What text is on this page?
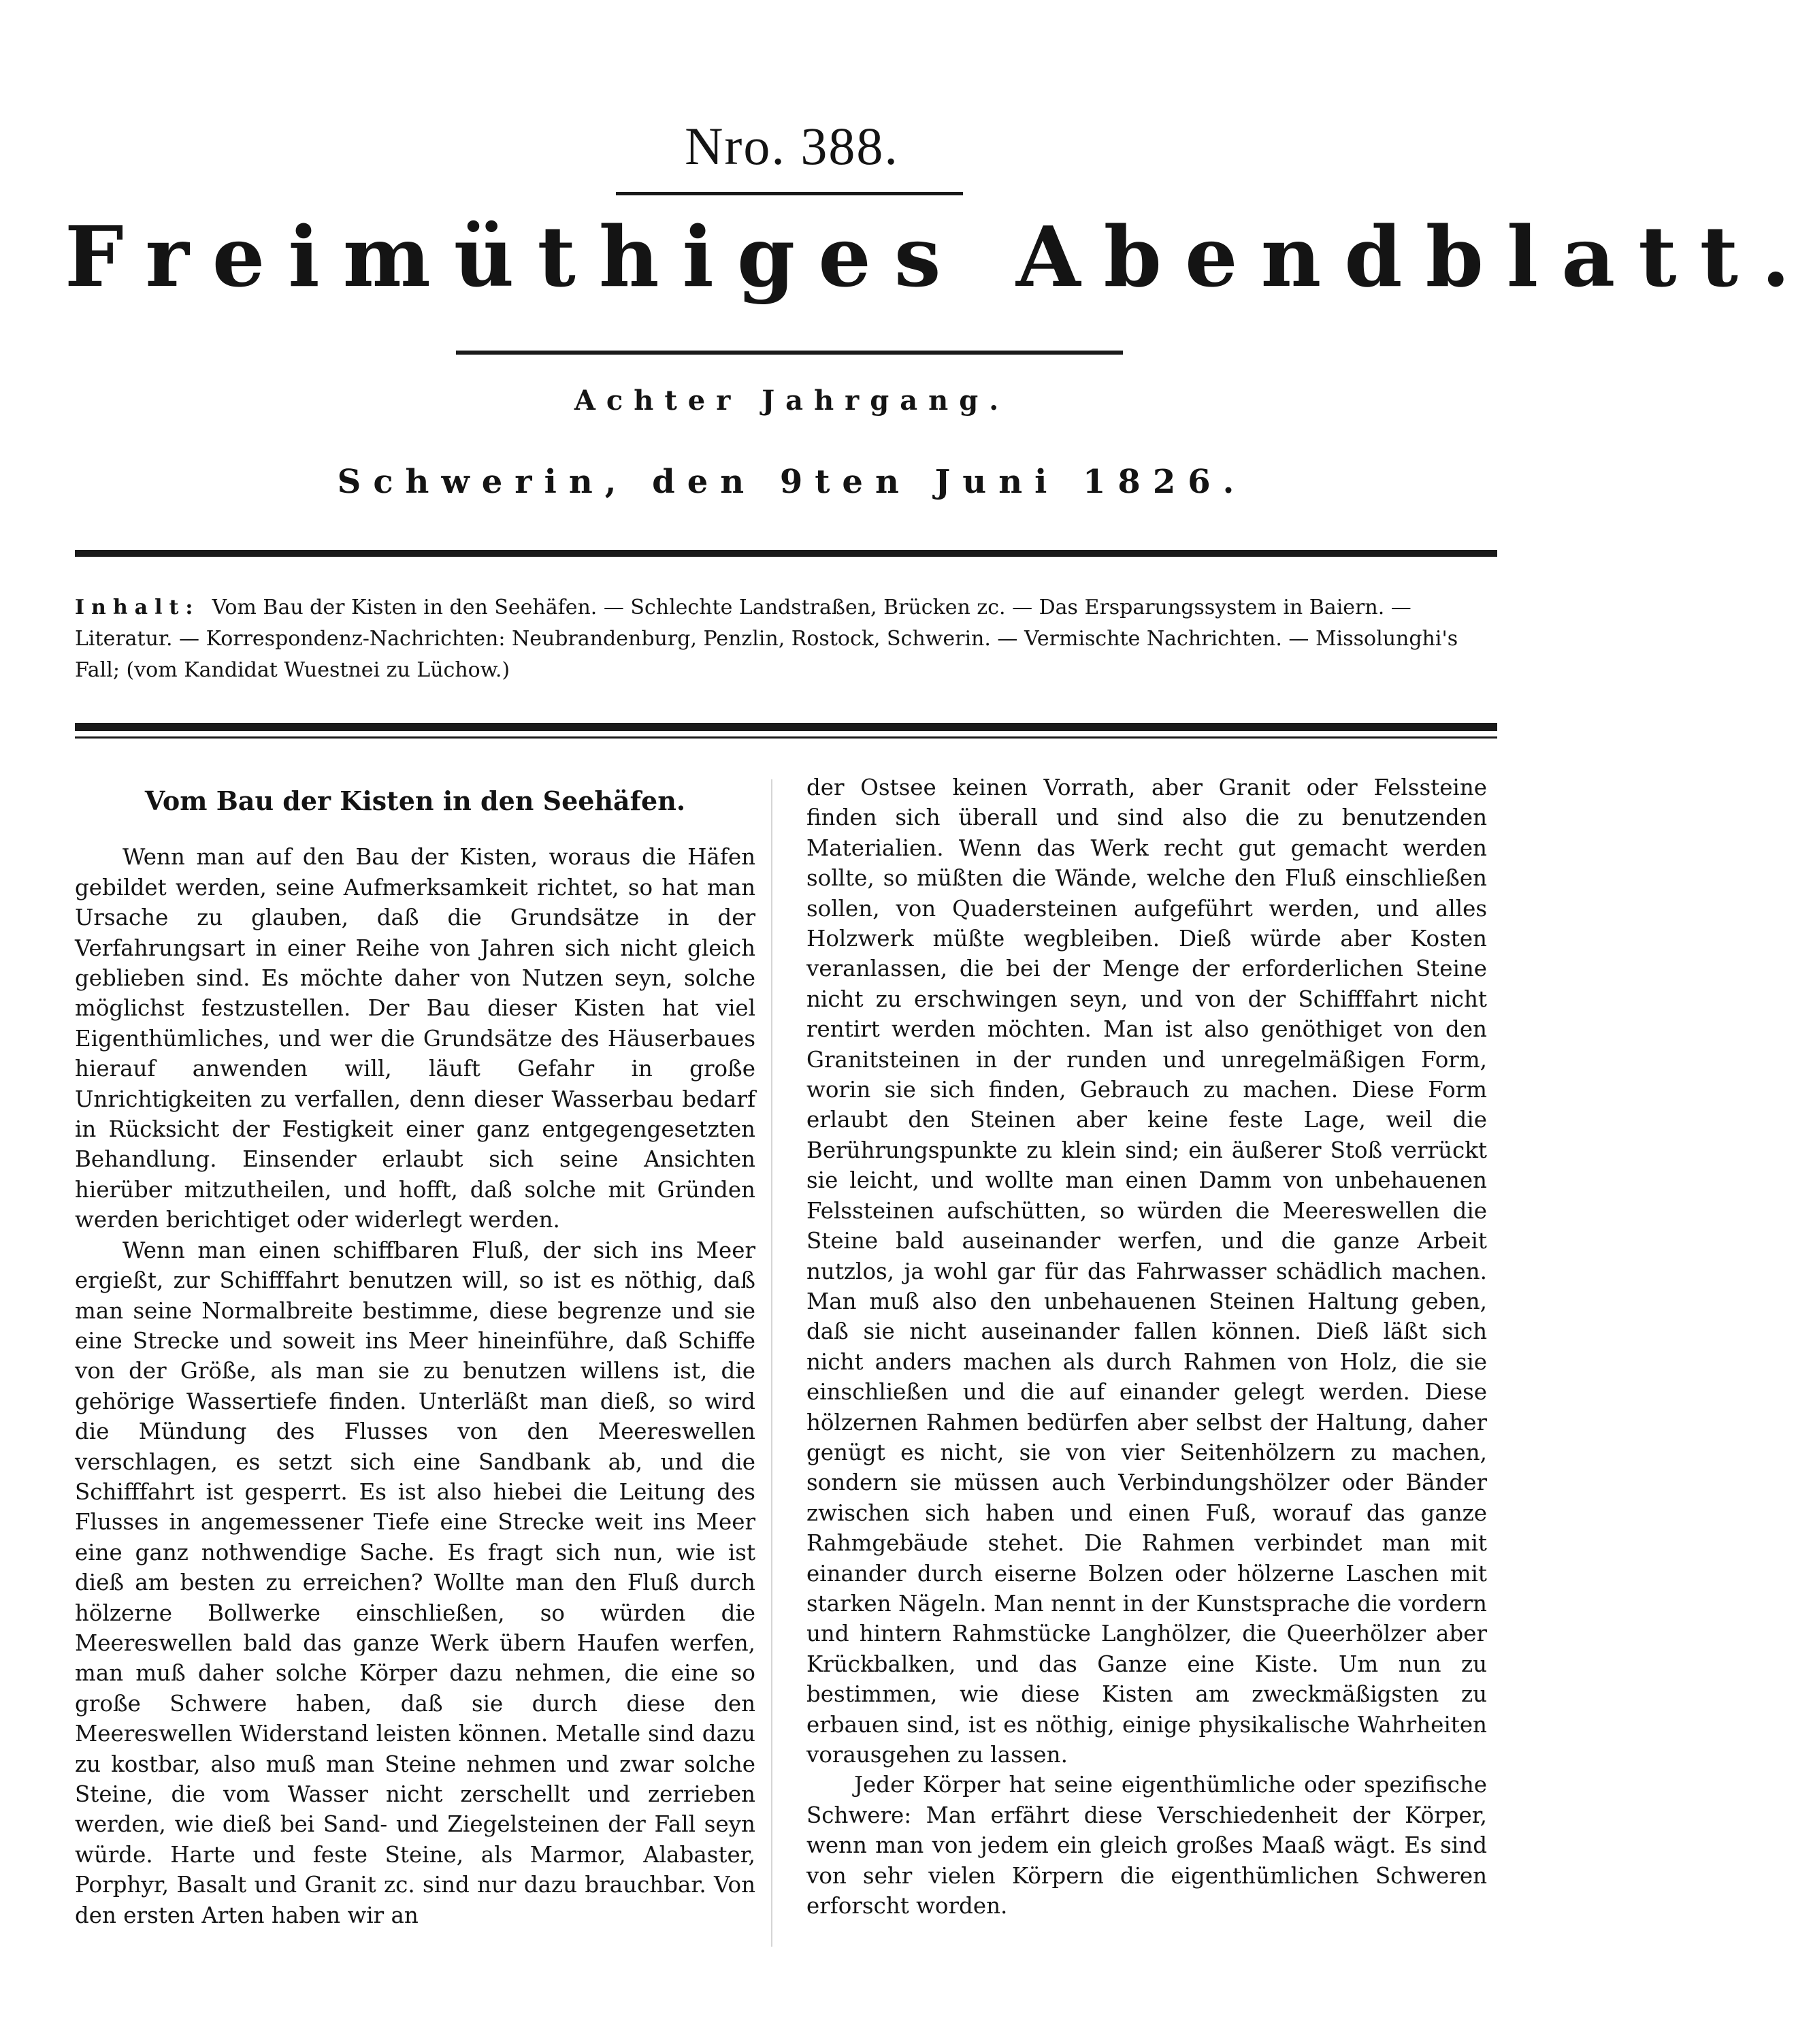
Nro. 388.
Freimüthiges Abendblatt.
Achter Jahrgang.
Schwerin, den 9ten Juni 1826.
Inhalt: Vom Bau der Kisten in den Seehäfen. — Schlechte Landstraßen, Brücken zc. — Das Ersparungssystem in Baiern. — Literatur. — Korrespondenz-Nachrichten: Neubrandenburg, Penzlin, Rostock, Schwerin. — Vermischte Nachrichten. — Missolunghi's Fall; (vom Kandidat Wuestnei zu Lüchow.)

Vom Bau der Kisten in den Seehäfen.

Wenn man auf den Bau der Kisten, woraus die Häfen gebildet werden, seine Aufmerksamkeit richtet, so hat man Ursache zu glauben, daß die Grundsätze in der Verfahrungsart in einer Reihe von Jahren sich nicht gleich geblieben sind. Es möchte daher von Nutzen seyn, solche möglichst festzustellen. Der Bau dieser Kisten hat viel Eigenthümliches, und wer die Grundsätze des Häuserbaues hierauf anwenden will, läuft Gefahr in große Unrichtigkeiten zu verfallen, denn dieser Wasserbau bedarf in Rücksicht der Festigkeit einer ganz entgegengesetzten Behandlung. Einsender erlaubt sich seine Ansichten hierüber mitzutheilen, und hofft, daß solche mit Gründen werden berichtiget oder widerlegt werden.

Wenn man einen schiffbaren Fluß, der sich ins Meer ergießt, zur Schifffahrt benutzen will, so ist es nöthig, daß man seine Normalbreite bestimme, diese begrenze und sie eine Strecke und soweit ins Meer hineinführe, daß Schiffe von der Größe, als man sie zu benutzen willens ist, die gehörige Wassertiefe finden. Unterläßt man dieß, so wird die Mündung des Flusses von den Meereswellen verschlagen, es setzt sich eine Sandbank ab, und die Schifffahrt ist gesperrt. Es ist also hiebei die Leitung des Flusses in angemessener Tiefe eine Strecke weit ins Meer eine ganz nothwendige Sache. Es fragt sich nun, wie ist dieß am besten zu erreichen? Wollte man den Fluß durch hölzerne Bollwerke einschließen, so würden die Meereswellen bald das ganze Werk übern Haufen werfen, man muß daher solche Körper dazu nehmen, die eine so große Schwere haben, daß sie durch diese den Meereswellen Widerstand leisten können. Metalle sind dazu zu kostbar, also muß man Steine nehmen und zwar solche Steine, die vom Wasser nicht zerschellt und zerrieben werden, wie dieß bei Sand- und Ziegelsteinen der Fall seyn würde. Harte und feste Steine, als Marmor, Alabaster, Porphyr, Basalt und Granit zc. sind nur dazu brauchbar. Von den ersten Arten haben wir an

der Ostsee keinen Vorrath, aber Granit oder Felssteine finden sich überall und sind also die zu benutzenden Materialien. Wenn das Werk recht gut gemacht werden sollte, so müßten die Wände, welche den Fluß einschließen sollen, von Quadersteinen aufgeführt werden, und alles Holzwerk müßte wegbleiben. Dieß würde aber Kosten veranlassen, die bei der Menge der erforderlichen Steine nicht zu erschwingen seyn, und von der Schifffahrt nicht rentirt werden möchten. Man ist also genöthiget von den Granitsteinen in der runden und unregelmäßigen Form, worin sie sich finden, Gebrauch zu machen. Diese Form erlaubt den Steinen aber keine feste Lage, weil die Berührungspunkte zu klein sind; ein äußerer Stoß verrückt sie leicht, und wollte man einen Damm von unbehauenen Felssteinen aufschütten, so würden die Meereswellen die Steine bald auseinander werfen, und die ganze Arbeit nutzlos, ja wohl gar für das Fahrwasser schädlich machen. Man muß also den unbehauenen Steinen Haltung geben, daß sie nicht auseinander fallen können. Dieß läßt sich nicht anders machen als durch Rahmen von Holz, die sie einschließen und die auf einander gelegt werden. Diese hölzernen Rahmen bedürfen aber selbst der Haltung, daher genügt es nicht, sie von vier Seitenhölzern zu machen, sondern sie müssen auch Verbindungshölzer oder Bänder zwischen sich haben und einen Fuß, worauf das ganze Rahmgebäude stehet. Die Rahmen verbindet man mit einander durch eiserne Bolzen oder hölzerne Laschen mit starken Nägeln. Man nennt in der Kunstsprache die vordern und hintern Rahmstücke Langhölzer, die Queerhölzer aber Krückbalken, und das Ganze eine Kiste. Um nun zu bestimmen, wie diese Kisten am zweckmäßigsten zu erbauen sind, ist es nöthig, einige physikalische Wahrheiten vorausgehen zu lassen.

Jeder Körper hat seine eigenthümliche oder spezifische Schwere: Man erfährt diese Verschiedenheit der Körper, wenn man von jedem ein gleich großes Maaß wägt. Es sind von sehr vielen Körpern die eigenthümlichen Schweren erforscht worden.
